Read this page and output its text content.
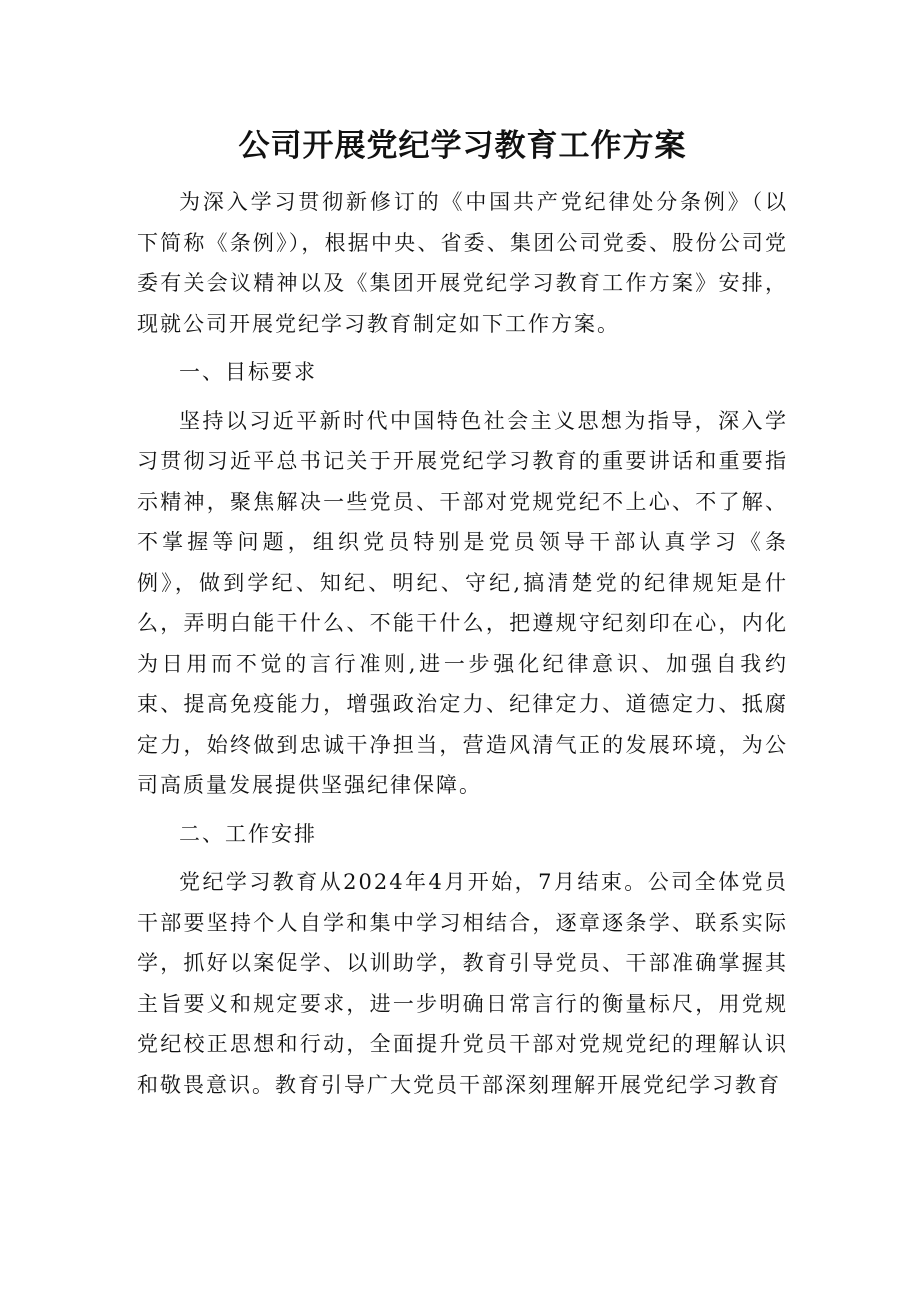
公司开展党纪学习教育工作方案

为深入学习贯彻新修订的《中国共产党纪律处分条例》（以下简称《条例》），根据中央、省委、集团公司党委、股份公司党委有关会议精神以及《集团开展党纪学习教育工作方案》安排，现就公司开展党纪学习教育制定如下工作方案。

一、目标要求

坚持以习近平新时代中国特色社会主义思想为指导，深入学习贯彻习近平总书记关于开展党纪学习教育的重要讲话和重要指示精神，聚焦解决一些党员、干部对党规党纪不上心、不了解、不掌握等问题，组织党员特别是党员领导干部认真学习《条例》，做到学纪、知纪、明纪、守纪,搞清楚党的纪律规矩是什么，弄明白能干什么、不能干什么，把遵规守纪刻印在心，内化为日用而不觉的言行准则,进一步强化纪律意识、加强自我约束、提高免疫能力，增强政治定力、纪律定力、道德定力、抵腐定力，始终做到忠诚干净担当，营造风清气正的发展环境，为公司高质量发展提供坚强纪律保障。

二、工作安排

党纪学习教育从2024年4月开始，7月结束。公司全体党员干部要坚持个人自学和集中学习相结合，逐章逐条学、联系实际学，抓好以案促学、以训助学，教育引导党员、干部准确掌握其主旨要义和规定要求，进一步明确日常言行的衡量标尺，用党规党纪校正思想和行动，全面提升党员干部对党规党纪的理解认识和敬畏意识。教育引导广大党员干部深刻理解开展党纪学习教育
